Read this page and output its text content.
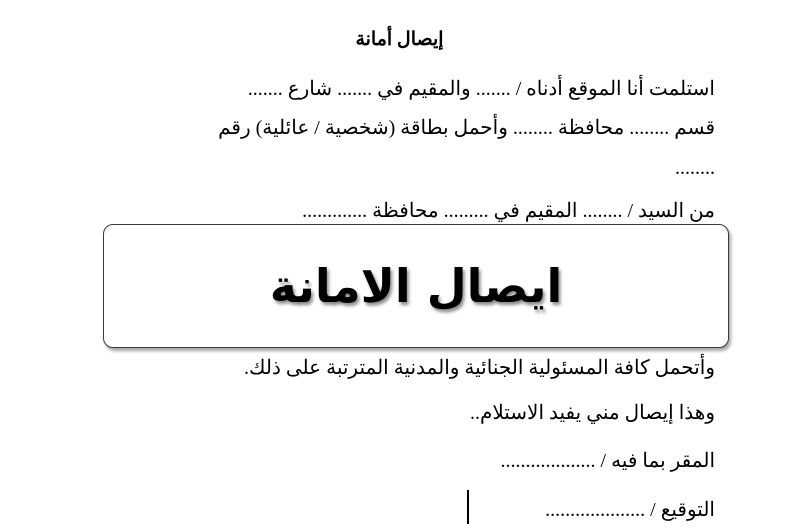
إيصال أمانة
استلمت أنا الموقع أدناه / ....... والمقيم في ....... شارع .......
قسم ........ محافظة ........ وأحمل بطاقة (شخصية / عائلية) رقم
........
من السيد / ........ المقيم في ......... محافظة .............
وأتحمل كافة المسئولية الجنائية والمدنية المترتبة على ذلك.
وهذا إيصال مني يفيد الاستلام..
المقر بما فيه / ...................
التوقيع / ....................
ايصال الامانة
